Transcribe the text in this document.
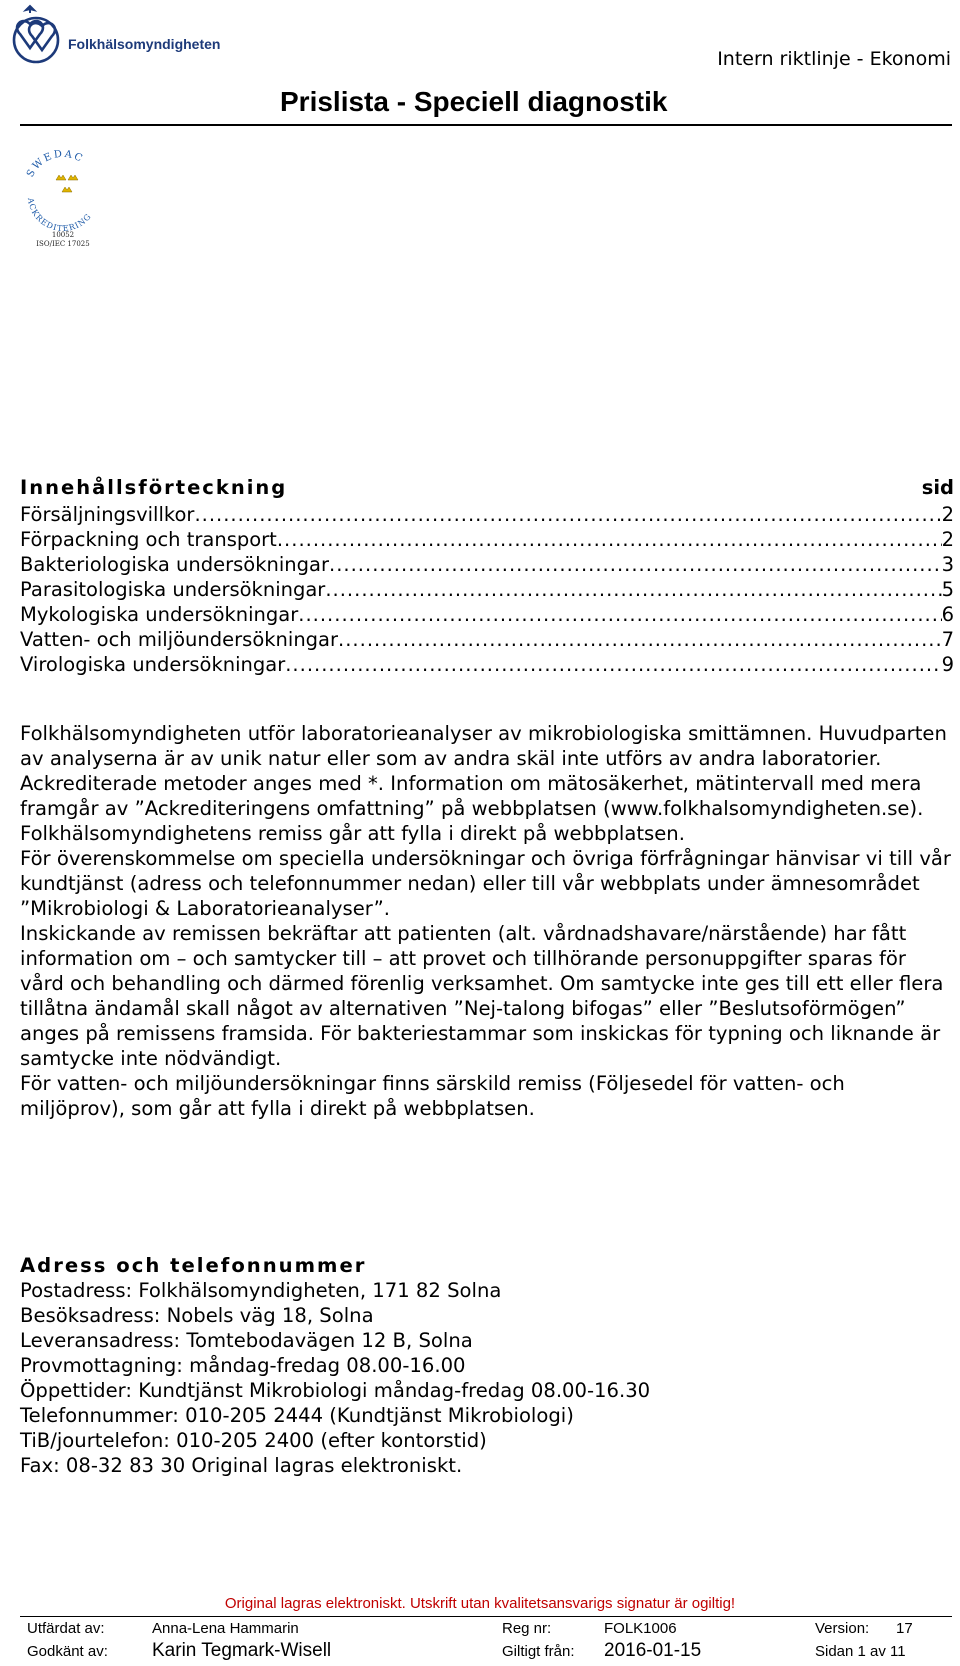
Folkhälsomyndigheten
Intern riktlinje - Ekonomi
Prislista - Speciell diagnostik
SWEDAC
ACKREDITERING
10052
ISO/IEC 17025
Innehållsförteckning	sid
Försäljningsvillkor .....	2
Förpackning och transport .....	2
Bakteriologiska undersökningar .....	3
Parasitologiska undersökningar .....	5
Mykologiska undersökningar .....	6
Vatten- och miljöundersökningar .....	7
Virologiska undersökningar .....	9

Folkhälsomyndigheten utför laboratorieanalyser av mikrobiologiska smittämnen. Huvudparten av analyserna är av unik natur eller som av andra skäl inte utförs av andra laboratorier. Ackrediterade metoder anges med *. Information om mätosäkerhet, mätintervall med mera framgår av ”Ackrediteringens omfattning” på webbplatsen (www.folkhalsomyndigheten.se).

Folkhälsomyndighetens remiss går att fylla i direkt på webbplatsen.

För överenskommelse om speciella undersökningar och övriga förfrågningar hänvisar vi till vår kundtjänst (adress och telefonnummer nedan) eller till vår webbplats under ämnesområdet ”Mikrobiologi & Laboratorieanalyser”.

Inskickande av remissen bekräftar att patienten (alt. vårdnadshavare/närstående) har fått information om – och samtycker till – att provet och tillhörande personuppgifter sparas för vård och behandling och därmed förenlig verksamhet. Om samtycke inte ges till ett eller flera tillåtna ändamål skall något av alternativen ”Nej-talong bifogas” eller ”Beslutsoförmögen” anges på remissens framsida. För bakteriestammar som inskickas för typning och liknande är samtycke inte nödvändigt.

För vatten- och miljöundersökningar finns särskild remiss (Följesedel för vatten- och miljöprov), som går att fylla i direkt på webbplatsen.

Adress och telefonnummer

Postadress: Folkhälsomyndigheten, 171 82 Solna

Besöksadress: Nobels väg 18, Solna

Leveransadress: Tomtebodavägen 12 B, Solna

Provmottagning: måndag-fredag 08.00-16.00

Öppettider: Kundtjänst Mikrobiologi måndag-fredag 08.00-16.30

Telefonnummer: 010-205 2444 (Kundtjänst Mikrobiologi)

TiB/jourtelefon: 010-205 2400 (efter kontorstid)

Fax: 08-32 83 30 Original lagras elektroniskt.

Original lagras elektroniskt. Utskrift utan kvalitetsansvarigs signatur är ogiltig!
Utfärdat av:	Anna-Lena Hammarin
Godkänt av: Karin Tegmark-Wisell
Reg nr:	FOLK1006
Giltigt från: 2016-01-15
Version: 17
Sidan 1 av 11
